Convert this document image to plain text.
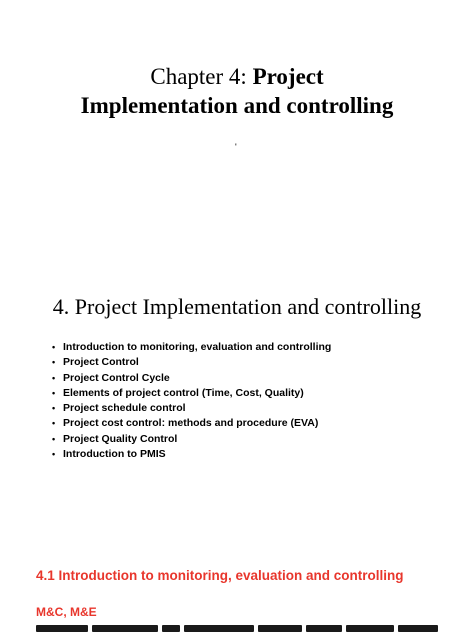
Chapter 4: Project
Implementation and controlling
'
4. Project Implementation and controlling
• Introduction to monitoring, evaluation and controlling
• Project Control
• Project Control Cycle
• Elements of project control (Time, Cost, Quality)
• Project schedule control
• Project cost control: methods and procedure (EVA)
• Project Quality Control
• Introduction to PMIS
4.1 Introduction to monitoring, evaluation and controlling

M&C, M&E
